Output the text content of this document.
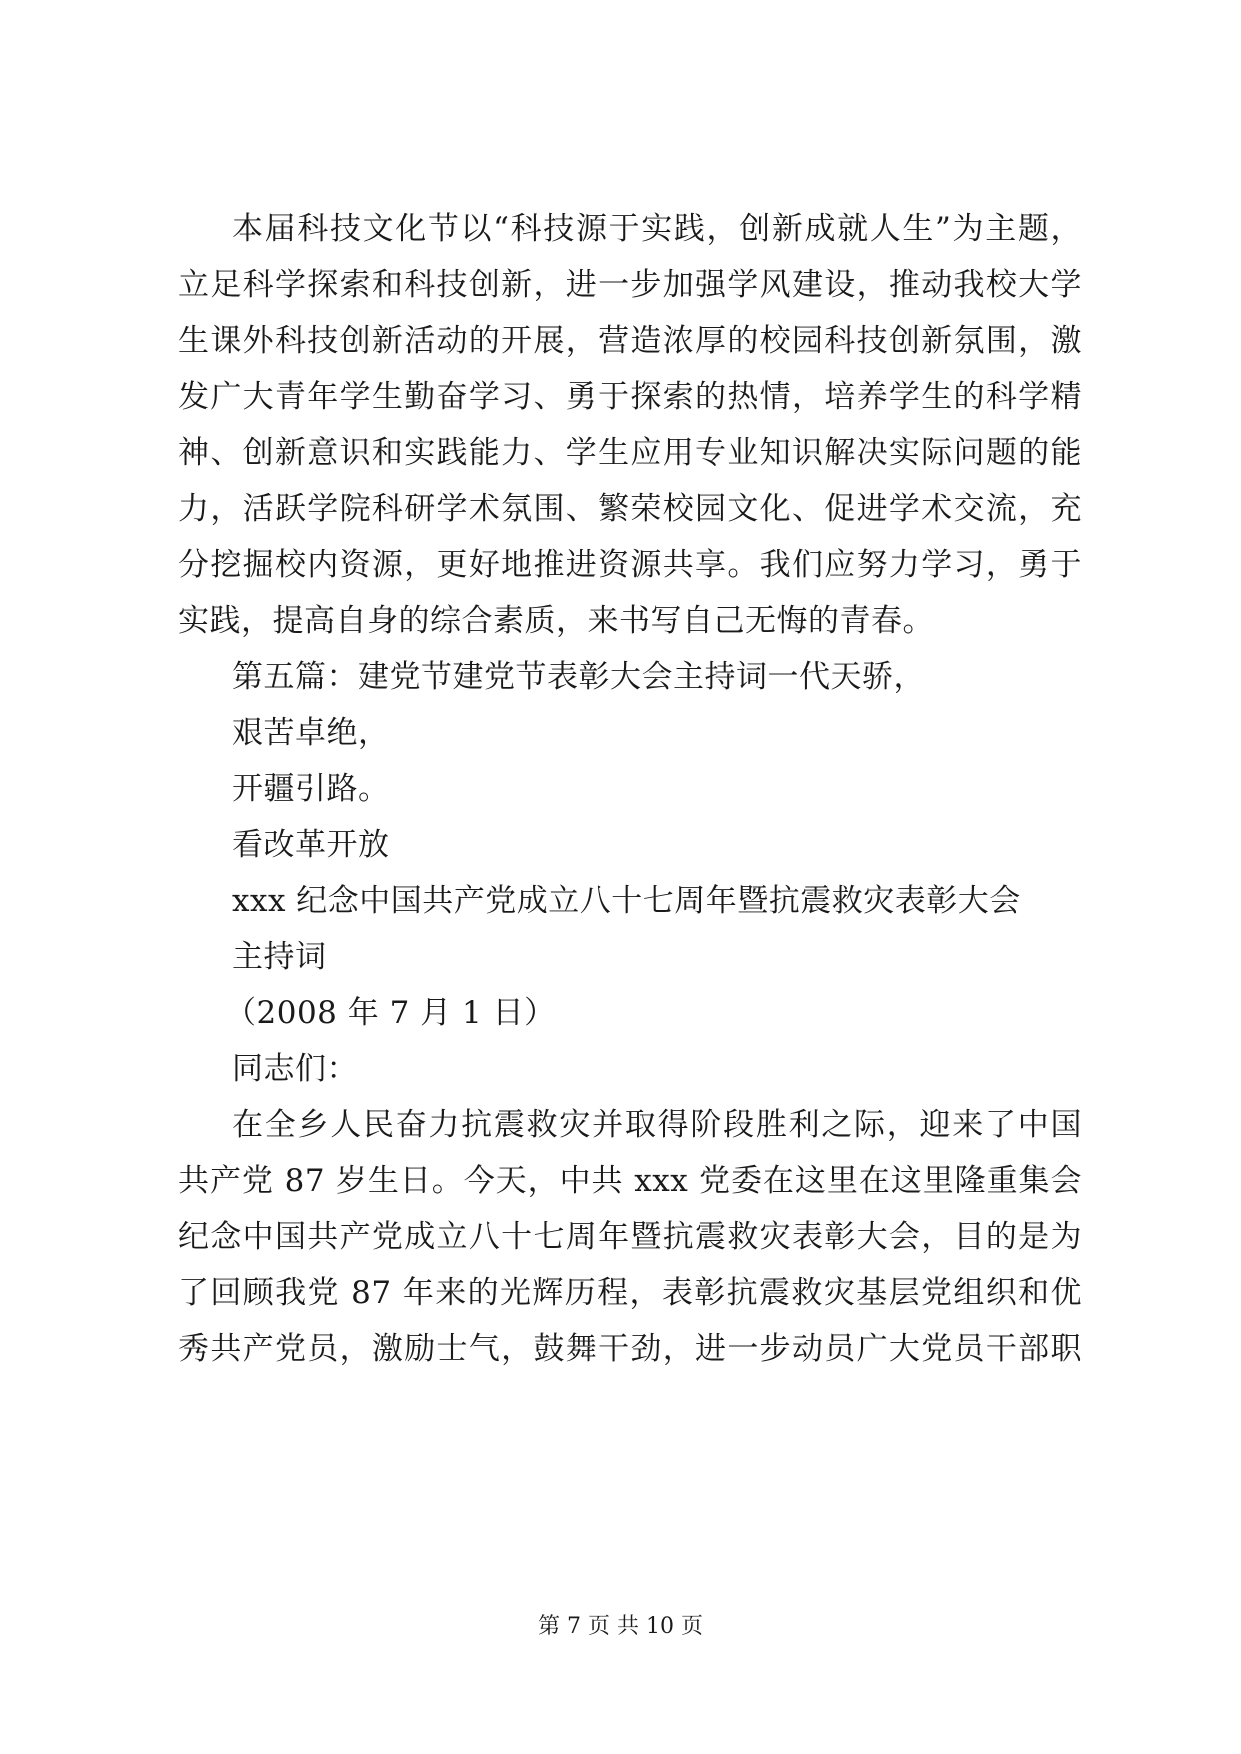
本届科技文化节以“科技源于实践，创新成就人生”为主题，
立足科学探索和科技创新，进一步加强学风建设，推动我校大学
生课外科技创新活动的开展，营造浓厚的校园科技创新氛围，激
发广大青年学生勤奋学习、勇于探索的热情，培养学生的科学精
神、创新意识和实践能力、学生应用专业知识解决实际问题的能
力，活跃学院科研学术氛围、繁荣校园文化、促进学术交流，充
分挖掘校内资源，更好地推进资源共享。我们应努力学习，勇于
实践，提高自身的综合素质，来书写自己无悔的青春。
第五篇：建党节建党节表彰大会主持词一代天骄，
艰苦卓绝，
开疆引路。
看改革开放
xxx 纪念中国共产党成立八十七周年暨抗震救灾表彰大会
主持词
（2008 年 7 月 1 日）
同志们：
在全乡人民奋力抗震救灾并取得阶段胜利之际，迎来了中国
共产党 87 岁生日。今天，中共 xxx 党委在这里在这里隆重集会
纪念中国共产党成立八十七周年暨抗震救灾表彰大会，目的是为
了回顾我党 87 年来的光辉历程，表彰抗震救灾基层党组织和优
秀共产党员，激励士气，鼓舞干劲，进一步动员广大党员干部职
第 7 页 共 10 页
